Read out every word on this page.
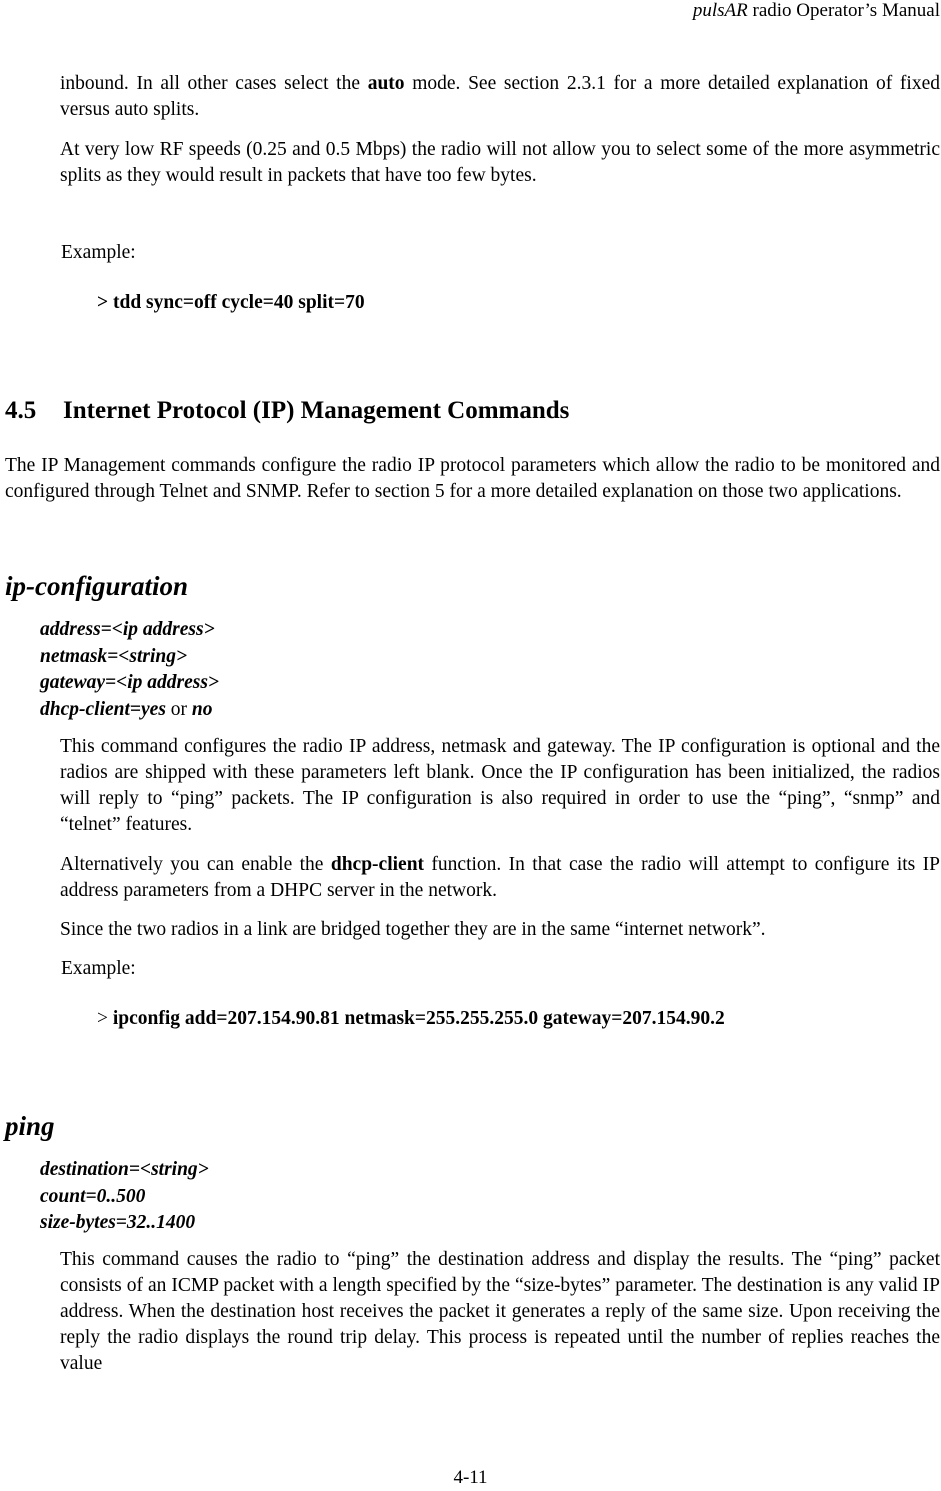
pulsAR radio Operator’s Manual

inbound. In all other cases select the auto mode. See section 2.3.1 for a more detailed explanation of fixed versus auto splits.

At very low RF speeds (0.25 and 0.5 Mbps) the radio will not allow you to select some of the more asymmetric splits as they would result in packets that have too few bytes.

Example:

> tdd sync=off cycle=40 split=70

4.5 Internet Protocol (IP) Management Commands

The IP Management commands configure the radio IP protocol parameters which allow the radio to be monitored and configured through Telnet and SNMP. Refer to section 5 for a more detailed explanation on those two applications.

ip-configuration
address=<ip address>
netmask=<string>
gateway=<ip address>
dhcp-client=yes or no

This command configures the radio IP address, netmask and gateway. The IP configuration is optional and the radios are shipped with these parameters left blank. Once the IP configuration has been initialized, the radios will reply to “ping” packets. The IP configuration is also required in order to use the “ping”, “snmp” and “telnet” features.

Alternatively you can enable the dhcp-client function. In that case the radio will attempt to configure its IP address parameters from a DHPC server in the network.

Since the two radios in a link are bridged together they are in the same “internet network”.

Example:

> ipconfig add=207.154.90.81 netmask=255.255.255.0 gateway=207.154.90.2

ping
destination=<string>
count=0..500
size-bytes=32..1400

This command causes the radio to “ping” the destination address and display the results. The “ping” packet consists of an ICMP packet with a length specified by the “size-bytes” parameter. The destination is any valid IP address. When the destination host receives the packet it generates a reply of the same size. Upon receiving the reply the radio displays the round trip delay. This process is repeated until the number of replies reaches the value

4-11
